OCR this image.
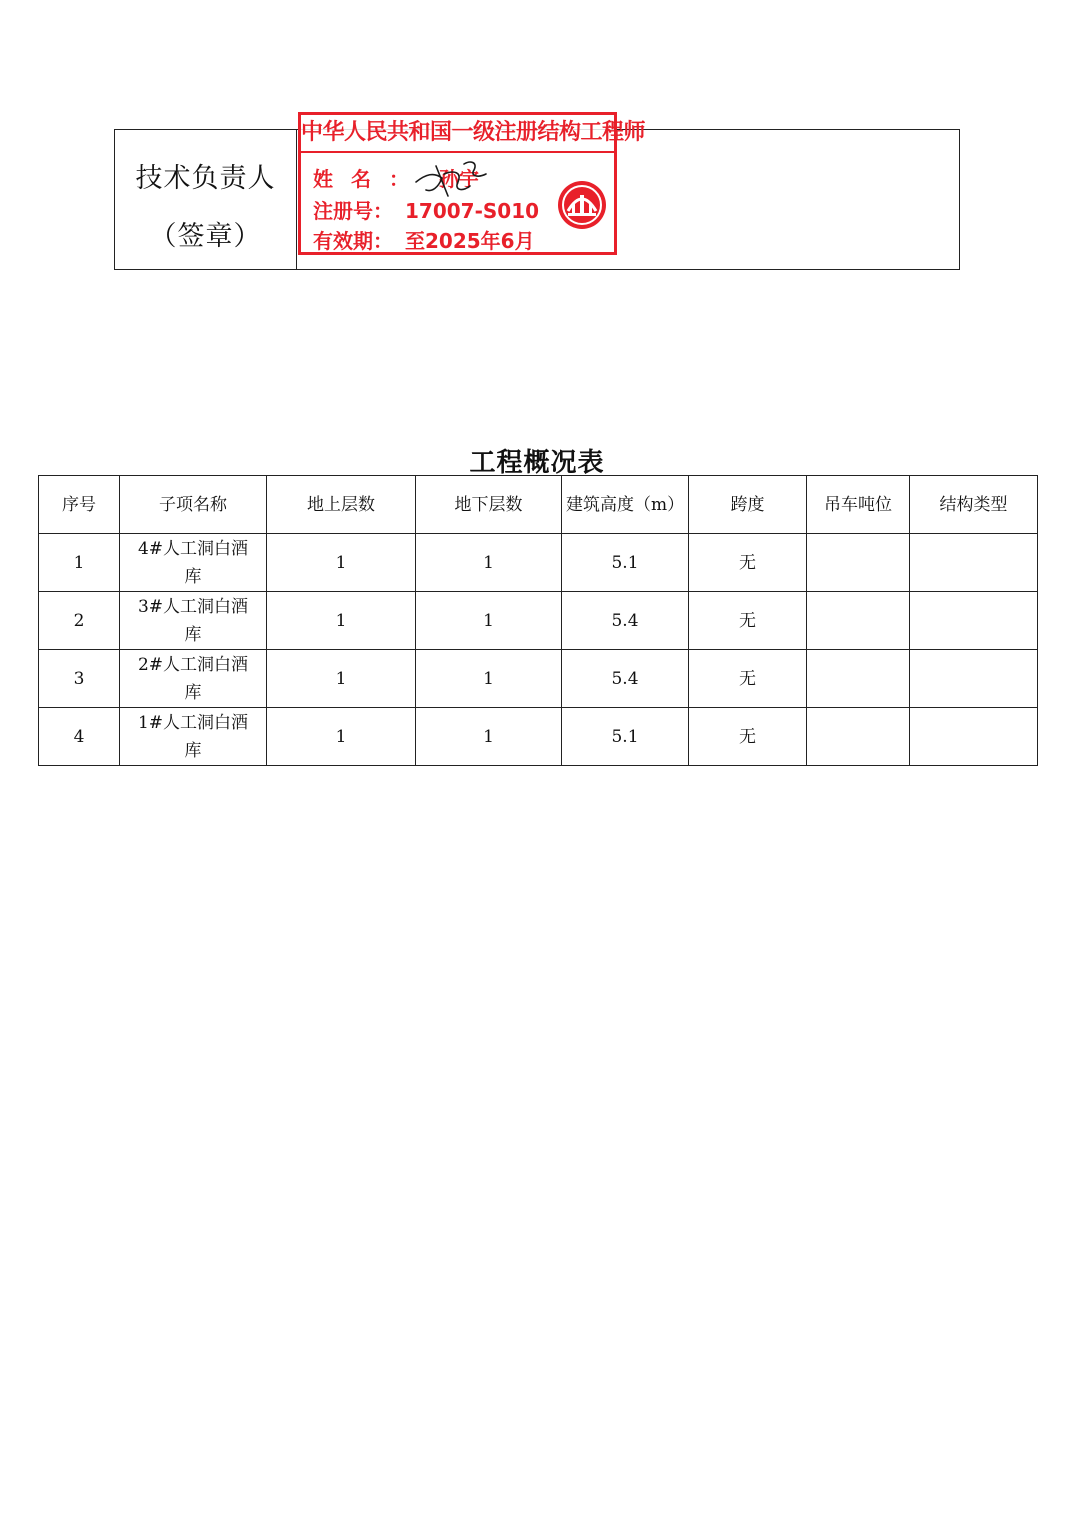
技术负责人
（签章）
中华人民共和国一级注册结构工程师
姓名： 孙宇
注册号： 17007-S010
有效期： 至2025年6月
工程概况表
序号	子项名称	地上层数	地下层数	建筑高度（m）	跨度	吊车吨位	结构类型
1	4#人工洞白酒库	1	1	5.1	无		
2	3#人工洞白酒库	1	1	5.4	无		
3	2#人工洞白酒库	1	1	5.4	无		
4	1#人工洞白酒库	1	1	5.1	无		
